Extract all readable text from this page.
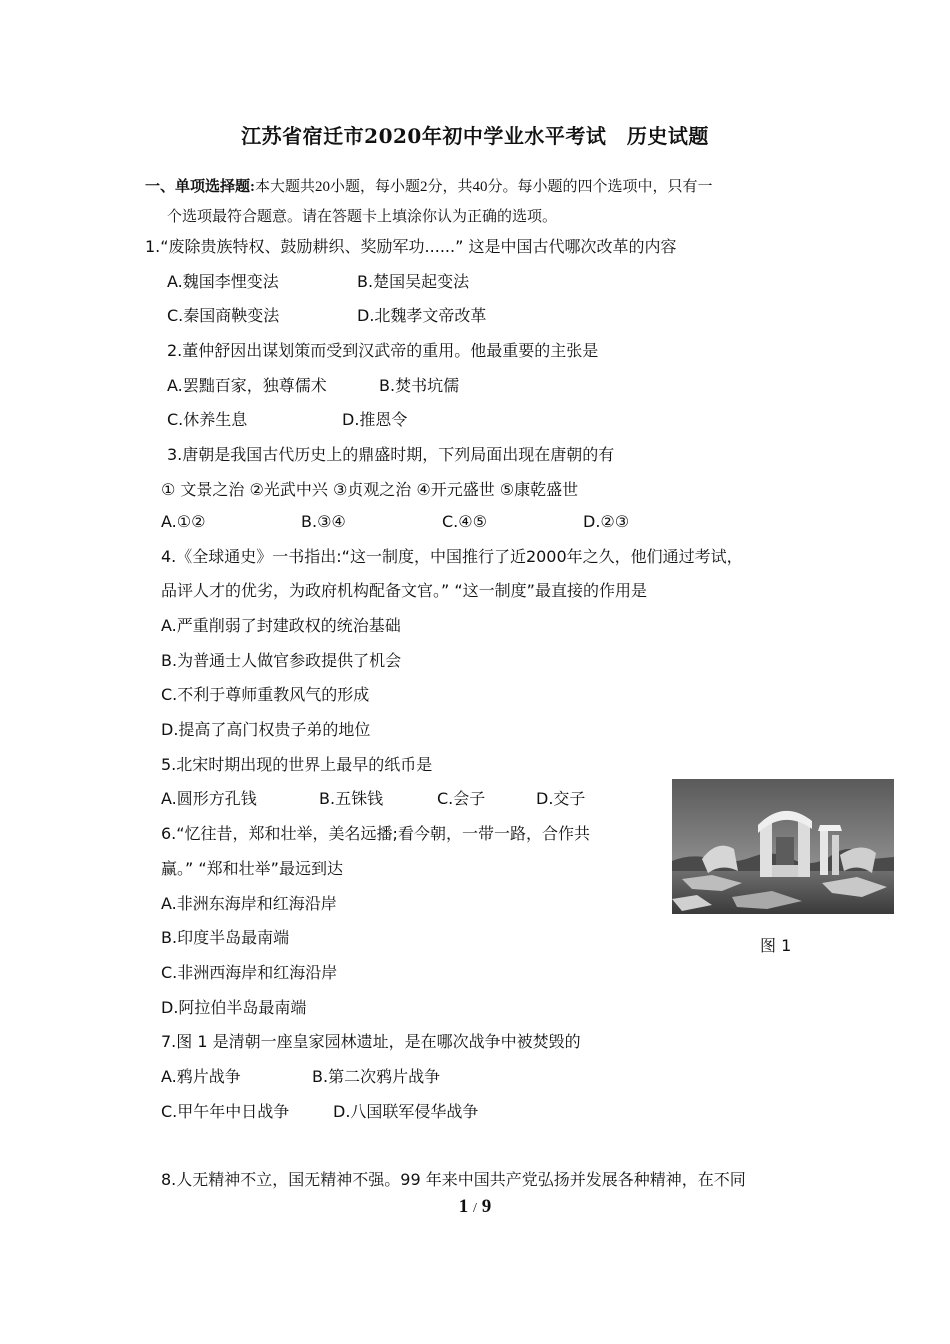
江苏省宿迁市2020年初中学业水平考试　历史试题
一、单项选择题:本大题共20小题，每小题2分，共40分。每小题的四个选项中，只有一
个选项最符合题意。请在答题卡上填涂你认为正确的选项。
1.“废除贵族特权、鼓励耕织、奖励军功......” 这是中国古代哪次改革的内容
A.魏国李悝变法	B.楚国吴起变法
C.秦国商鞅变法	D.北魏孝文帝改革
2.董仲舒因出谋划策而受到汉武帝的重用。他最重要的主张是
A.罢黜百家，独尊儒术	B.焚书坑儒
C.休养生息	D.推恩令
3.唐朝是我国古代历史上的鼎盛时期，下列局面出现在唐朝的有
① 文景之治 ②光武中兴 ③贞观之治 ④开元盛世 ⑤康乾盛世
A.①②	B.③④	C.④⑤	D.②③
4.《全球通史》一书指出:“这一制度，中国推行了近2000年之久，他们通过考试，
品评人才的优劣，为政府机构配备文官。” “这一制度”最直接的作用是
A.严重削弱了封建政权的统治基础
B.为普通士人做官参政提供了机会
C.不利于尊师重教风气的形成
D.提高了高门权贵子弟的地位
5.北宋时期出现的世界上最早的纸币是
A.圆形方孔钱	B.五铢钱	C.会子	D.交子
6.“忆往昔，郑和壮举，美名远播;看今朝，一带一路，合作共
赢。” “郑和壮举”最远到达
A.非洲东海岸和红海沿岸
B.印度半岛最南端
C.非洲西海岸和红海沿岸
D.阿拉伯半岛最南端
图 1
7.图 1 是清朝一座皇家园林遗址，是在哪次战争中被焚毁的
A.鸦片战争	B.第二次鸦片战争
C.甲午年中日战争	D.八国联军侵华战争
8.人无精神不立，国无精神不强。99 年来中国共产党弘扬并发展各种精神，在不同
1 / 9
